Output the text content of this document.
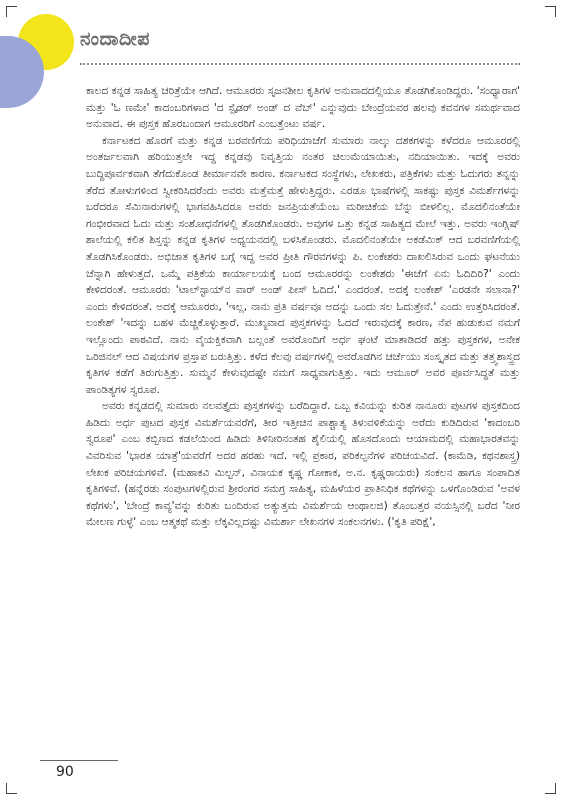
ನಂದಾದೀಪ

ಕಾಲದ ಕನ್ನಡ ಸಾಹಿತ್ಯ ಚರಿತ್ರೆಯೇ ಆಗಿದೆ. ಆಮೂರರು ಸೃಜನಶೀಲ ಕೃತಿಗಳ ಅನುವಾದದಲ್ಲಿಯೂ ತೊಡಗಿಕೊಂಡಿದ್ದರು. 'ಸಂಧ್ಯಾರಾಗ' ಮತ್ತು 'ಓ ಣಮೇ' ಕಾದಂಬರಿಗಳಾದ 'ದ ಸ್ಪೈಡರ್ ಅಂಡ್ ದ ವೆಬ್' ಎನ್ನುವುದು ಬೇಂದ್ರೆಯವರ ಹಲವು ಕವನಗಳ ಸಮರ್ಥವಾದ ಅನುವಾದ. ಈ ಪುಸ್ತಕ ಹೊರಬಂದಾಗ ಆಮೂರರಿಗೆ ಎಂಬತ್ತೆಂಟು ವರ್ಷ.

ಕರ್ನಾಟಕದ ಹೊರಗೆ ಮತ್ತು ಕನ್ನಡ ಬರವಣಿಗೆಯ ಪರಿಧಿಯಾಚೆಗೆ ಸುಮಾರು ನಾಲ್ಕು ದಶಕಗಳನ್ನು ಕಳೆದರೂ ಆಮೂರರಲ್ಲಿ ಅಂತರ್ಜಲವಾಗಿ ಹರಿಯುತ್ತಲೇ ಇದ್ದ ಕನ್ನಡವು ನಿವೃತ್ತಿಯ ನಂತರ ಚಿಲುಮೆಯಾಯಿತು, ನದಿಯಾಯಿತು. ಇದಕ್ಕೆ ಅವರು ಬುದ್ಧಿಪೂರ್ವಕವಾಗಿ ತೆಗೆದುಕೊಂಡ ತೀರ್ಮಾನವೇ ಕಾರಣ. ಕರ್ನಾಟಕದ ಸಂಸ್ಥೆಗಳು, ಲೇಖಕರು, ಪತ್ರಿಕೆಗಳು ಮತ್ತು ಓದುಗರು ತನ್ನನ್ನು ತೆರೆದ ತೋಳುಗಳಿಂದ ಸ್ವೀಕರಿಸಿದರೆಂದು ಅವರು ಮತ್ತೆಮತ್ತೆ ಹೇಳುತ್ತಿದ್ದರು. ಎರಡೂ ಭಾಷೆಗಳಲ್ಲಿ ಸಾಕಷ್ಟು ಪುಸ್ತಕ ವಿಮರ್ಶೆಗಳನ್ನು ಬರೆದರೂ ಸೆಮಿನಾರುಗಳಲ್ಲಿ ಭಾಗವಹಿಸಿದರೂ ಅವರು ಜನಪ್ರಿಯತೆಯೆಂಬ ಮರೀಚಿಕೆಯ ಬೆನ್ನು ಬೀಳಲಿಲ್ಲ. ಮೊದಲಿನಂತೆಯೇ ಗಂಭೀರವಾದ ಓದು ಮತ್ತು ಸಂಶೋಧನೆಗಳಲ್ಲಿ ತೊಡಗಿಕೊಂಡರು. ಅವುಗಳ ಒತ್ತು ಕನ್ನಡ ಸಾಹಿತ್ಯದ ಮೇಲೆ ಇತ್ತು. ಅವರು ಇಂಗ್ಲಿಷ್ ಶಾಲೆಯಲ್ಲಿ ಕಲಿತ ಶಿಸ್ತನ್ನು ಕನ್ನಡ ಕೃತಿಗಳ ಅಧ್ಯಯನದಲ್ಲಿ ಬಳಸಿಕೊಂಡರು. ಮೊದಲಿನಂತೆಯೇ ಅಕಡೆಮಿಕ್ ಆದ ಬರವಣಿಗೆಯಲ್ಲಿ ತೊಡಗಿಸಿಕೊಂಡರು. ಅಭಿಜಾತ ಕೃತಿಗಳ ಬಗ್ಗೆ ಇದ್ದ ಅವರ ಪ್ರೀತಿ ಗೌರವಗಳನ್ನು ಪಿ. ಲಂಕೇಶರು ದಾಖಲಿಸಿರುವ ಒಂದು ಘಟನೆಯು ಚೆನ್ನಾಗಿ ಹೇಳುತ್ತದೆ. ಒಮ್ಮೆ ಪತ್ರಿಕೆಯ ಕಾರ್ಯಾಲಯಕ್ಕೆ ಬಂದ ಆಮೂರರನ್ನು ಲಂಕೇಶರು 'ಈಚೆಗೆ ಏನು ಓದಿದಿರಿ?' ಎಂದು ಕೇಳಿದರಂತೆ. ಆಮೂರರು 'ಟಾಲ್‌ಸ್ಟಾಯ್‌ನ ವಾರ್ ಅಂಡ್ ಪೀಸ್ ಓದಿದೆ.' ಎಂದರಂತೆ. ಅದಕ್ಕೆ ಲಂಕೇಶ್ 'ಎರಡನೇ ಸಲಾನಾ?' ಎಂದು ಕೇಳಿದರಂತೆ. ಅದಕ್ಕೆ ಆಮೂರರು, 'ಇಲ್ಲ, ನಾನು ಪ್ರತಿ ವರ್ಷವೂ ಅದನ್ನು ಒಂದು ಸಲ ಓದುತ್ತೇನೆ.' ಎಂದು ಉತ್ತರಿಸಿದರಂತೆ. ಲಂಕೇಶ್ 'ಇದನ್ನು ಬಹಳ ಮೆಚ್ಚಿಕೊಳ್ಳುತ್ತಾರೆ. ಮುಖ್ಯವಾದ ಪುಸ್ತಕಗಳನ್ನು ಓದದೆ ಇರುವುದಕ್ಕೆ ಕಾರಣ, ನೆಪ ಹುಡುಕುವ ನಮಗೆ ಇಲ್ಲೊಂದು ಪಾಠವಿದೆ. ನಾನು ವೈಯಕ್ತಿಕವಾಗಿ ಬಲ್ಲಂತೆ ಅವರೊಂದಿಗೆ ಅರ್ಧ ಘಂಟೆ ಮಾತಾಡಿದರೆ ಹತ್ತು ಪುಸ್ತಕಗಳ, ಅನೇಕ ಒರಿಜಿನಲ್ ಆದ ವಿಷಯಗಳ ಪ್ರಸ್ತಾಪ ಬರುತ್ತಿತ್ತು. ಕಳೆದ ಕೆಲವು ವರ್ಷಗಳಲ್ಲಿ ಅವರೊಡಗಿನ ಚರ್ಚೆಯು ಸಂಸ್ಕೃತದ ಮತ್ತು ತತ್ತ್ವಶಾಸ್ತ್ರದ ಕೃತಿಗಳ ಕಡೆಗೆ ತಿರುಗುತ್ತಿತ್ತು. ಸುಮ್ಮನೆ ಕೇಳುವುದಷ್ಟೇ ನಮಗೆ ಸಾಧ್ಯವಾಗುತ್ತಿತ್ತು. ಇದು ಆಮೂರ್ ಅವರ ಪೂರ್ವಸಿದ್ಧತೆ ಮತ್ತು ಪಾಂಡಿತ್ಯಗಳ ಸ್ವರೂಪ.

ಅವರು ಕನ್ನಡದಲ್ಲಿ ಸುಮಾರು ನಲವತ್ತೈದು ಪುಸ್ತಕಗಳನ್ನು ಬರೆದಿದ್ದಾರೆ. ಒಬ್ಬ ಕವಿಯನ್ನು ಕುರಿತ ನಾನೂರು ಪುಟಗಳ ಪುಸ್ತಕದಿಂದ ಹಿಡಿದು ಅರ್ಧ ಪುಟದ ಪುಸ್ತಕ ವಿಮರ್ಶೆಯವರೆಗೆ, ತೀರ ಇತ್ತೀಚಿನ ಪಾಶ್ಚಾತ್ಯ ತಿಳುವಳಿಕೆಯನ್ನು ಅರೆದು ಕುಡಿದಿರುವ 'ಕಾದಂಬರಿ ಸ್ವರೂಪ' ಎಂಬ ಕಬ್ಬಿಣದ ಕಡಲೆಯಿಂದ ಹಿಡಿದು ತಿಳಿನೀರಿನಂತಹ ಶೈಲಿಯಲ್ಲಿ ಹೊಸದೊಂದು ಆಯಾಮದಲ್ಲಿ ಮಹಾಭಾರತವನ್ನು ವಿವರಿಸುವ 'ಭಾರತ ಯಾತ್ರೆ'ಯವರೆಗೆ ಅದರ ಹರಹು ಇದೆ. ಇಲ್ಲಿ ಪ್ರಕಾರ, ಪರಿಕಲ್ಪನೆಗಳ ಪರಿಚಯವಿದೆ. (ಕಾಮೆಡಿ, ಕಥನಶಾಸ್ತ್ರ) ಲೇಖಕ ಪರಿಚಯಗಳಿವೆ. (ಮಹಾಕವಿ ಮಿಲ್ಟನ್, ವಿನಾಯಕ ಕೃಷ್ಣ ಗೋಕಾಕ, ಅ.ನ. ಕೃಷ್ಣರಾಯರು) ಸಂಕಲನ ಹಾಗೂ ಸಂಪಾದಿತ ಕೃತಿಗಳಿವೆ. (ಹನ್ನೆರಡು ಸಂಪುಟಗಳಲ್ಲಿರುವ ಶ್ರೀರಂಗರ ಸಮಗ್ರ ಸಾಹಿತ್ಯ, ಮಹಿಳೆಯರ ಪ್ರಾತಿನಿಧಿಕ ಕಥೆಗಳನ್ನು ಒಳಗೊಂಡಿರುವ 'ಅವಳ ಕಥೆಗಳು', 'ಬೇಂದ್ರೆ ಕಾವ್ಯ'ವನ್ನು ಕುರಿತು ಬಂದಿರುವ ಅತ್ಯುತ್ತಮ ವಿಮರ್ಶೆಯ ಆಂಥಾಲಜಿ) ತೊಂಬತ್ತರ ವಯಸ್ಸಿನಲ್ಲಿ ಬರೆದ 'ನೀರ ಮೇಲಣ ಗುಳ್ಳೆ' ಎಂಬ ಆತ್ಮಕಥೆ ಮತ್ತು ಲೆಕ್ಕವಿಲ್ಲದಷ್ಟು ವಿಮರ್ಶಾ ಲೇಖನಗಳ ಸಂಕಲನಗಳು. ('ಕೃತಿ ಪರಿಕ್ಷೆ',

90
